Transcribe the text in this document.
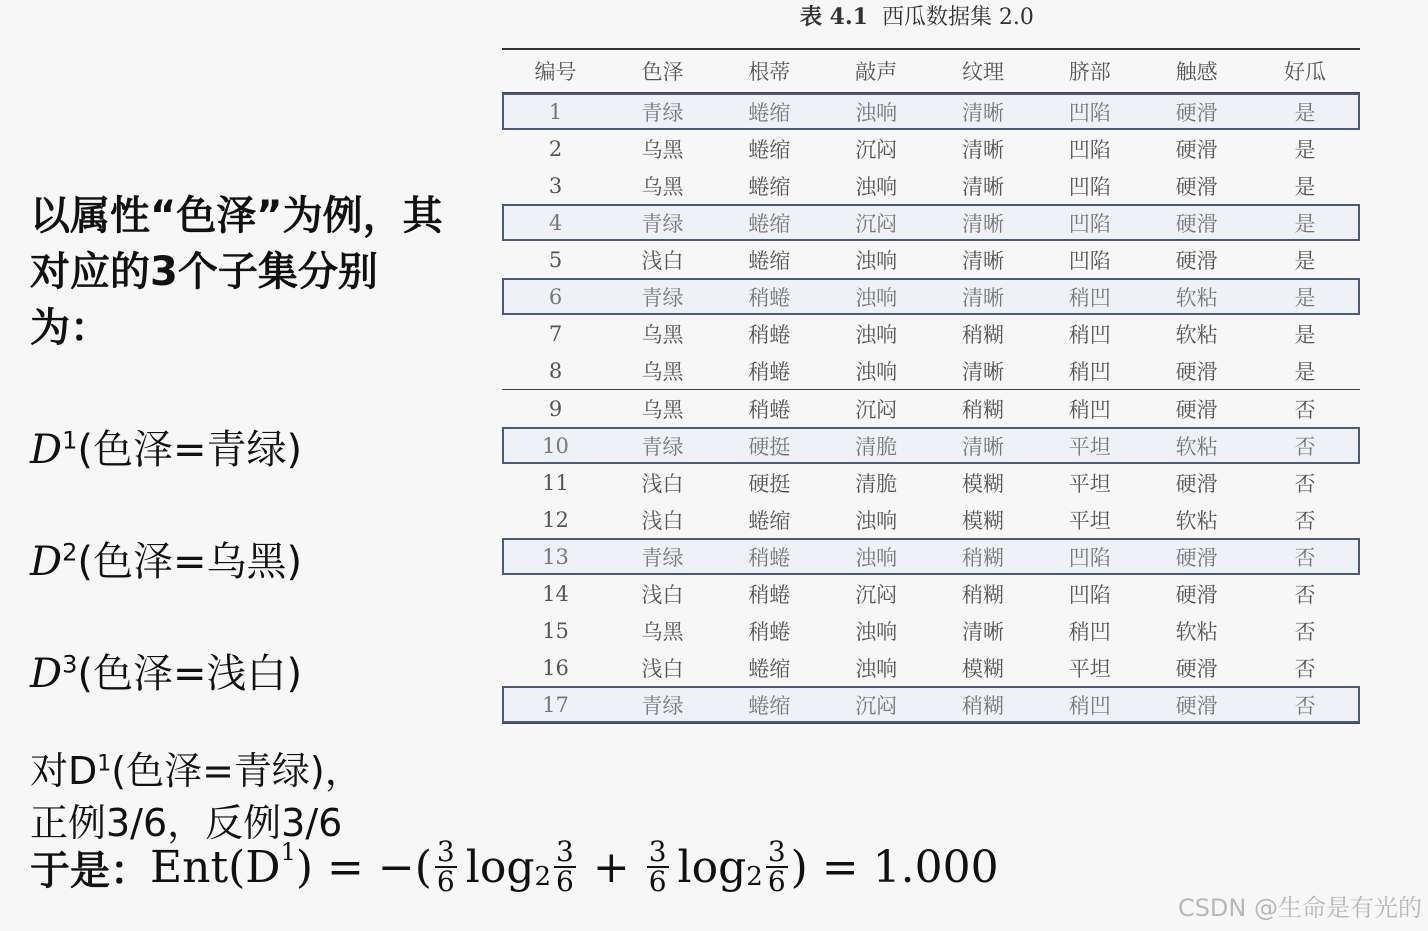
表 4.1 西瓜数据集 2.0
编号	色泽	根蒂	敲声	纹理	脐部	触感	好瓜
1	青绿	蜷缩	浊响	清晰	凹陷	硬滑	是
2	乌黑	蜷缩	沉闷	清晰	凹陷	硬滑	是
3	乌黑	蜷缩	浊响	清晰	凹陷	硬滑	是
4	青绿	蜷缩	沉闷	清晰	凹陷	硬滑	是
5	浅白	蜷缩	浊响	清晰	凹陷	硬滑	是
6	青绿	稍蜷	浊响	清晰	稍凹	软粘	是
7	乌黑	稍蜷	浊响	稍糊	稍凹	软粘	是
8	乌黑	稍蜷	浊响	清晰	稍凹	硬滑	是
9	乌黑	稍蜷	沉闷	稍糊	稍凹	硬滑	否
10	青绿	硬挺	清脆	清晰	平坦	软粘	否
11	浅白	硬挺	清脆	模糊	平坦	硬滑	否
12	浅白	蜷缩	浊响	模糊	平坦	软粘	否
13	青绿	稍蜷	浊响	稍糊	凹陷	硬滑	否
14	浅白	稍蜷	沉闷	稍糊	凹陷	硬滑	否
15	乌黑	稍蜷	浊响	清晰	稍凹	软粘	否
16	浅白	蜷缩	浊响	模糊	平坦	硬滑	否
17	青绿	蜷缩	沉闷	稍糊	稍凹	硬滑	否
以属性“色泽”为例，其对应的3个子集分别为：
$D^1$(色泽=青绿)
$D^2$(色泽=乌黑)
$D^3$(色泽=浅白)
对$D^1$(色泽=青绿)，
正例3/6，反例3/6
于是： $Ent(D^1$ ) = −( $\frac{3}{6} \log_2 \frac{3}{6} + \frac{3}{6} \log_2 \frac{3}{6}$ ) = 1.000
CSDN @生命是有光的
